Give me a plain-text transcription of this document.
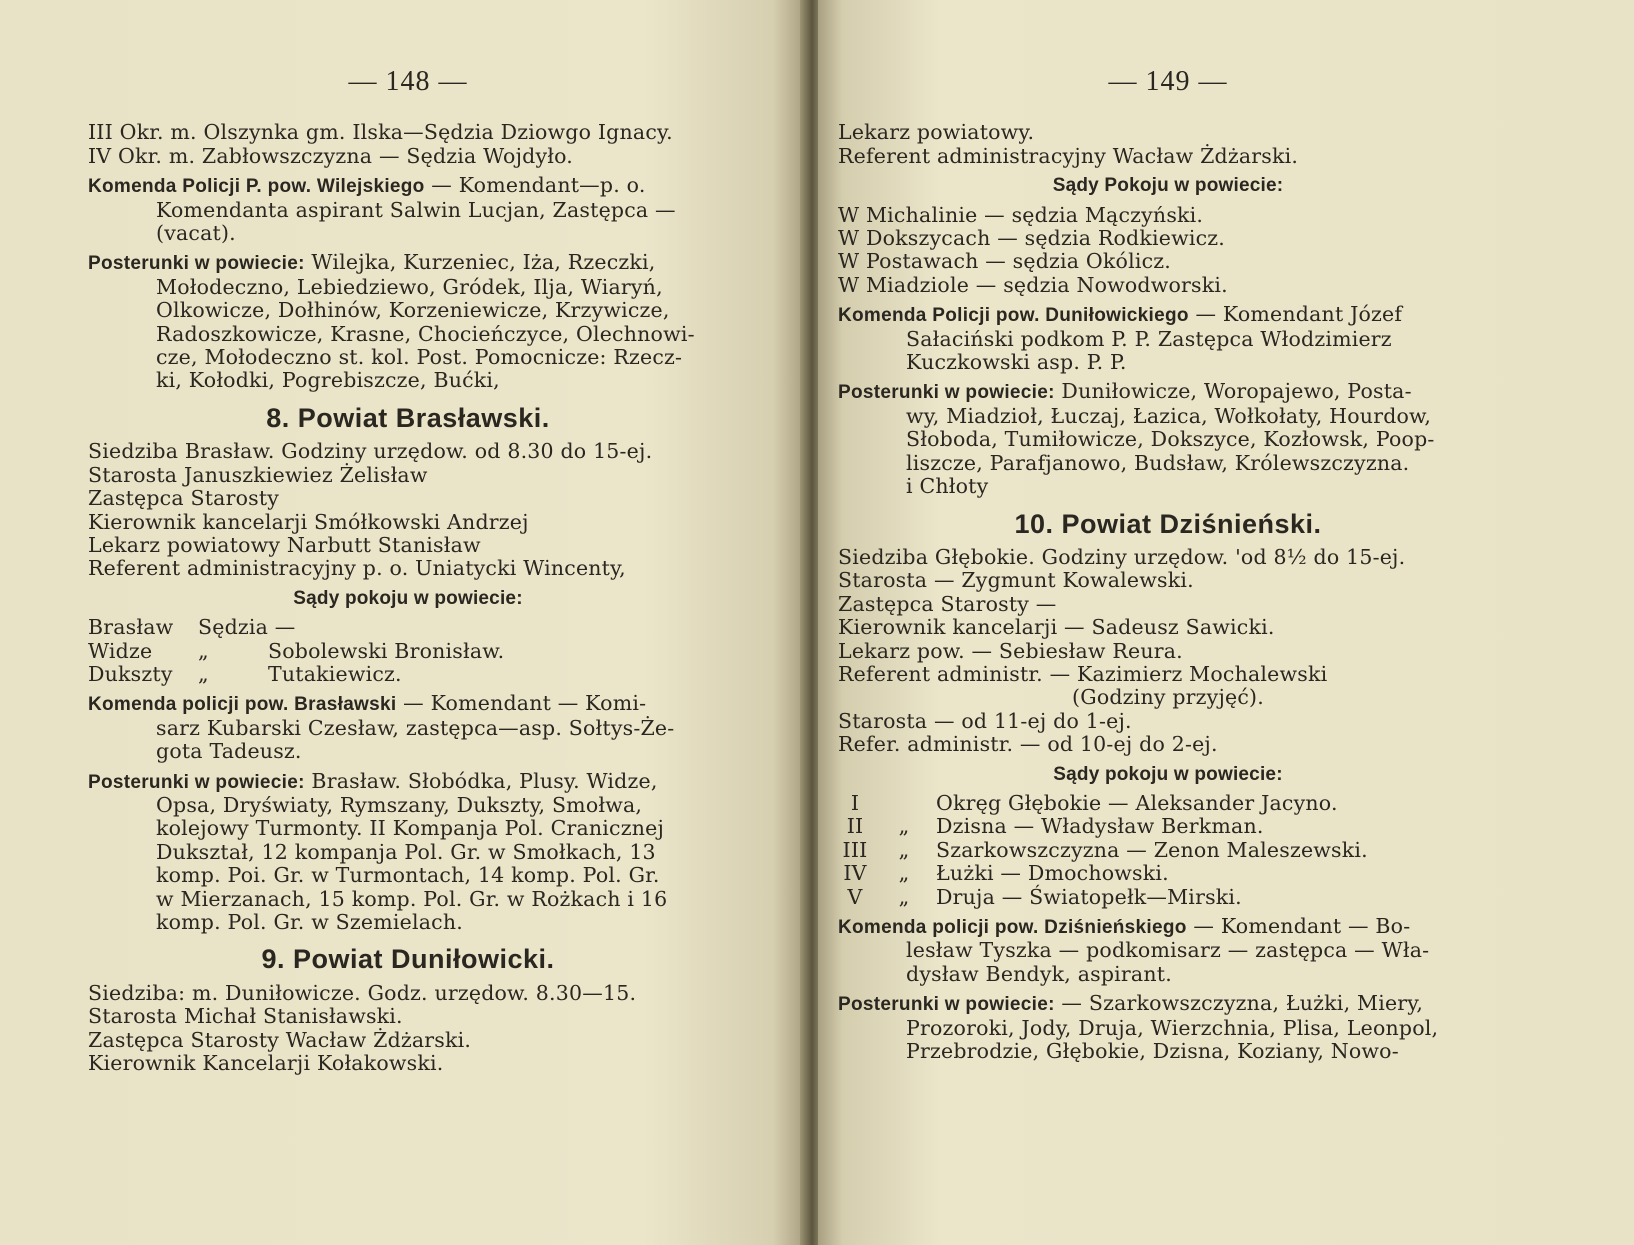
— 148 —
III Okr. m. Olszynka gm. Ilska—Sędzia Dziowgo Ignacy.
IV Okr. m. Zabłowszczyzna — Sędzia Wojdyło.
Komenda Policji P. pow. Wilejskiego — Komendant—p. o.
Komendanta aspirant Salwin Lucjan, Zastępca —
(vacat).
Posterunki w powiecie: Wilejka, Kurzeniec, Iża, Rzeczki,
Mołodeczno, Lebiedziewo, Gródek, Ilja, Wiaryń,
Olkowicze, Dołhinów, Korzeniewicze, Krzywicze,
Radoszkowicze, Krasne, Chocieńczyce, Olechnowi-
cze, Mołodeczno st. kol. Post. Pomocnicze: Rzecz-
ki, Kołodki, Pogrebiszcze, Bućki,
8. Powiat Brasławski.
Siedziba Brasław. Godziny urzędow. od 8.30 do 15-ej.
Starosta Januszkiewiez Żelisław
Zastępca Starosty
Kierownik kancelarji Smółkowski Andrzej
Lekarz powiatowy Narbutt Stanisław
Referent administracyjny p. o. Uniatycki Wincenty,
Sądy pokoju w powiecie:
Brasław	Sędzia —
Widze	„	Sobolewski Bronisław.
Dukszty	„	Tutakiewicz.
Komenda policji pow. Brasławski — Komendant — Komi-
sarz Kubarski Czesław, zastępca—asp. Sołtys-Że-
gota Tadeusz.
Posterunki w powiecie: Brasław. Słobódka, Plusy. Widze,
Opsa, Dryświaty, Rymszany, Dukszty, Smołwa,
kolejowy Turmonty. II Kompanja Pol. Cranicznej
Dukształ, 12 kompanja Pol. Gr. w Smołkach, 13
komp. Poi. Gr. w Turmontach, 14 komp. Pol. Gr.
w Mierzanach, 15 komp. Pol. Gr. w Rożkach i 16
komp. Pol. Gr. w Szemielach.
9. Powiat Duniłowicki.
Siedziba: m. Duniłowicze. Godz. urzędow. 8.30—15.
Starosta Michał Stanisławski.
Zastępca Starosty Wacław Żdżarski.
Kierownik Kancelarji Kołakowski.
— 149 —
Lekarz powiatowy.
Referent administracyjny Wacław Żdżarski.
Sądy Pokoju w powiecie:
W Michalinie — sędzia Mączyński.
W Dokszycach — sędzia Rodkiewicz.
W Postawach — sędzia Okólicz.
W Miadziole — sędzia Nowodworski.
Komenda Policji pow. Duniłowickiego — Komendant Józef
Sałaciński podkom P. P. Zastępca Włodzimierz
Kuczkowski asp. P. P.
Posterunki w powiecie: Duniłowicze, Woropajewo, Posta-
wy, Miadzioł, Łuczaj, Łazica, Wołkołaty, Hourdow,
Słoboda, Tumiłowicze, Dokszyce, Kozłowsk, Poop-
liszcze, Parafjanowo, Budsław, Królewszczyzna.
i Chłoty
10. Powiat Dziśnieński.
Siedziba Głębokie. Godziny urzędow. 'od 8½ do 15-ej.
Starosta — Zygmunt Kowalewski.
Zastępca Starosty —
Kierownik kancelarji — Sadeusz Sawicki.
Lekarz pow. — Sebiesław Reura.
Referent administr. — Kazimierz Mochalewski
(Godziny przyjęć).
Starosta — od 11-ej do 1-ej.
Refer. administr. — od 10-ej do 2-ej.
Sądy pokoju w powiecie:
I	Okręg Głębokie — Aleksander Jacyno.
II	„	Dzisna — Władysław Berkman.
III	„	Szarkowszczyzna — Zenon Maleszewski.
IV	„	Łużki — Dmochowski.
V	„	Druja — Światopełk—Mirski.
Komenda policji pow. Dziśnieńskiego — Komendant — Bo-
lesław Tyszka — podkomisarz — zastępca — Wła-
dysław Bendyk, aspirant.
Posterunki w powiecie: — Szarkowszczyzna, Łużki, Miery,
Prozoroki, Jody, Druja, Wierzchnia, Plisa, Leonpol,
Przebrodzie, Głębokie, Dzisna, Koziany, Nowo-
